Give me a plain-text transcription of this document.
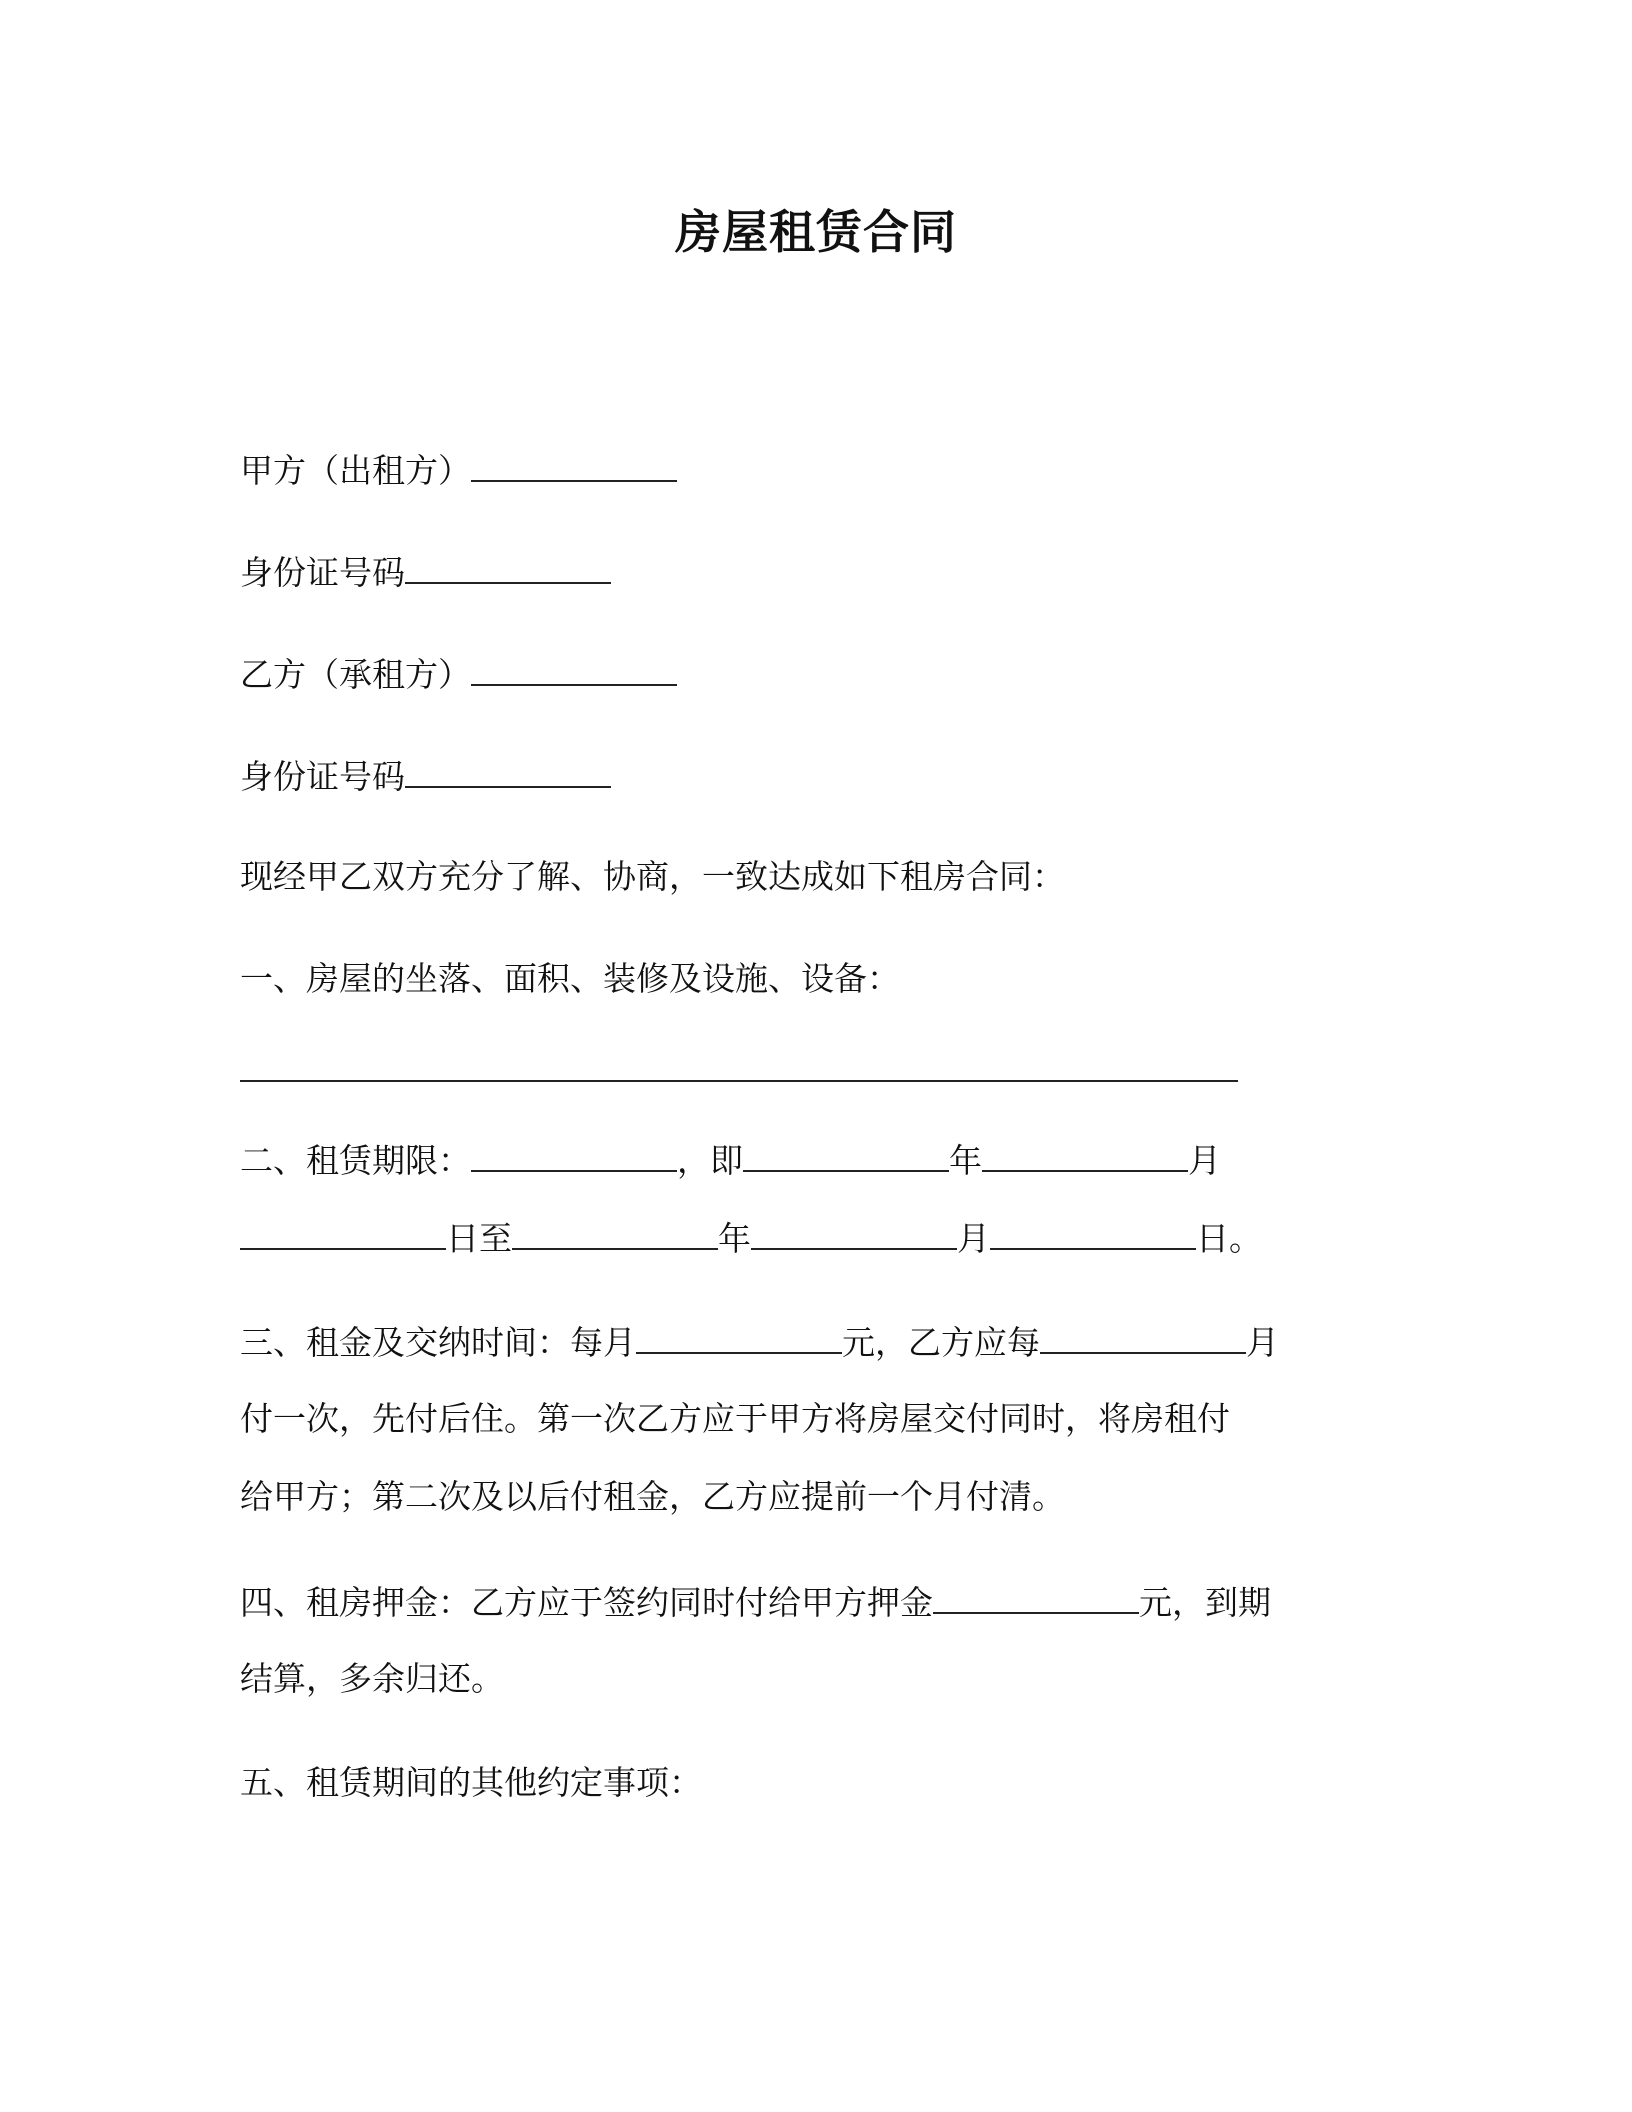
房屋租赁合同
甲方（出租方）
身份证号码
乙方（承租方）
身份证号码
现经甲乙双方充分了解、协商，一致达成如下租房合同：
一、房屋的坐落、面积、装修及设施、设备：
二、租赁期限：	，即	年	月
日至	年	月	日。
三、租金及交纳时间：每月	元，乙方应每	月
付一次，先付后住。第一次乙方应于甲方将房屋交付同时，将房租付
给甲方；第二次及以后付租金，乙方应提前一个月付清。
四、租房押金：乙方应于签约同时付给甲方押金	元，到期
结算，多余归还。
五、租赁期间的其他约定事项：
